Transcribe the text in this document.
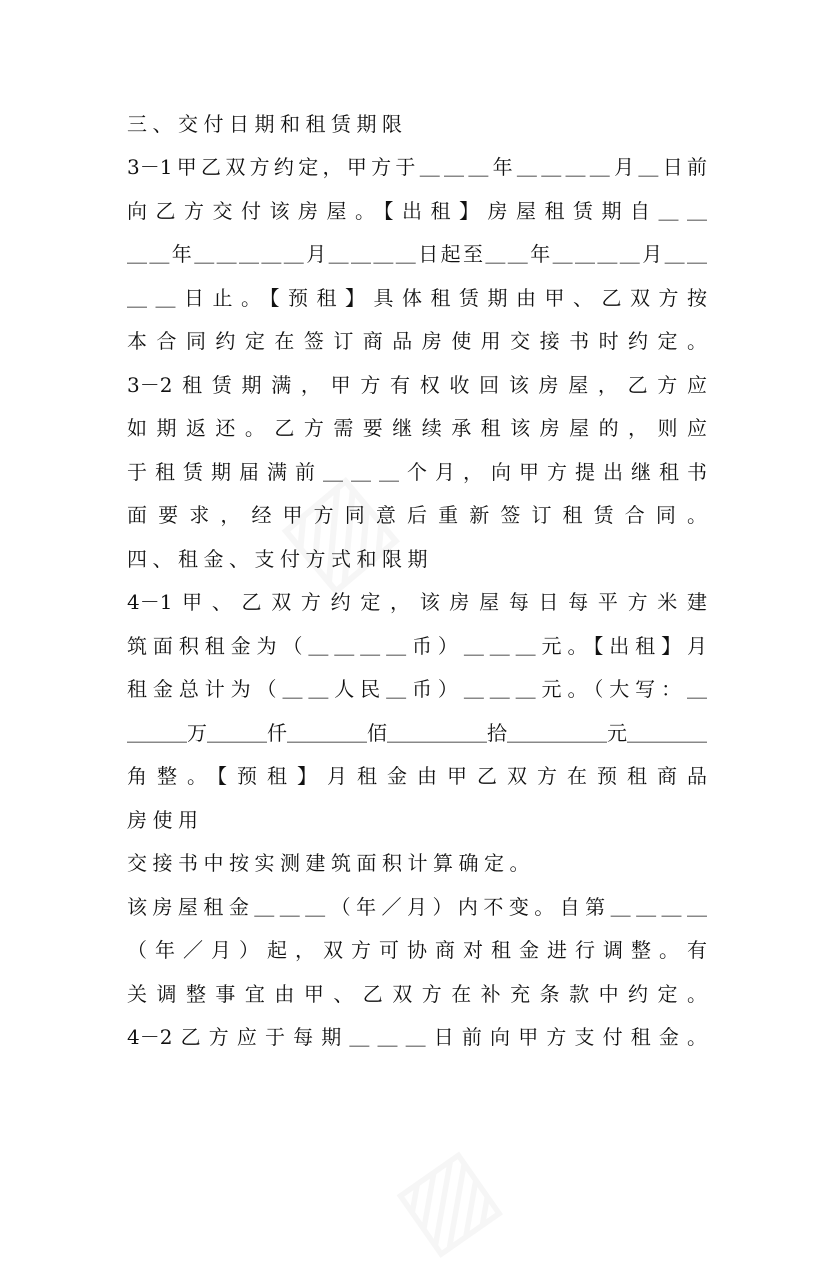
三、交付日期和租赁期限
3－1甲乙双方约定，甲方于＿＿＿年＿＿＿＿月＿日前
向乙方交付该房屋。【出租】房屋租赁期自＿＿
＿＿年＿＿＿＿＿月＿＿＿＿日起至＿＿年＿＿＿＿月＿＿
＿＿日止。【预租】具体租赁期由甲、乙双方按
本合同约定在签订商品房使用交接书时约定。
3－2租赁期满，甲方有权收回该房屋，乙方应
如期返还。乙方需要继续承租该房屋的，则应
于租赁期届满前＿＿＿个月，向甲方提出继租书
面要求，经甲方同意后重新签订租赁合同。
四、租金、支付方式和限期
4－1甲、乙双方约定，该房屋每日每平方米建
筑面积租金为（＿＿＿＿币）＿＿＿元。【出租】月
租金总计为（＿＿人民＿币）＿＿＿元。（大写：＿
＿＿＿万＿＿＿仟＿＿＿＿佰＿＿＿＿＿拾＿＿＿＿＿元＿＿＿＿
角整。【预租】月租金由甲乙双方在预租商品
房使用
交接书中按实测建筑面积计算确定。
该房屋租金＿＿＿（年／月）内不变。自第＿＿＿＿
（年／月）起，双方可协商对租金进行调整。有
关调整事宜由甲、乙双方在补充条款中约定。
4－2乙方应于每期＿＿＿日前向甲方支付租金。
